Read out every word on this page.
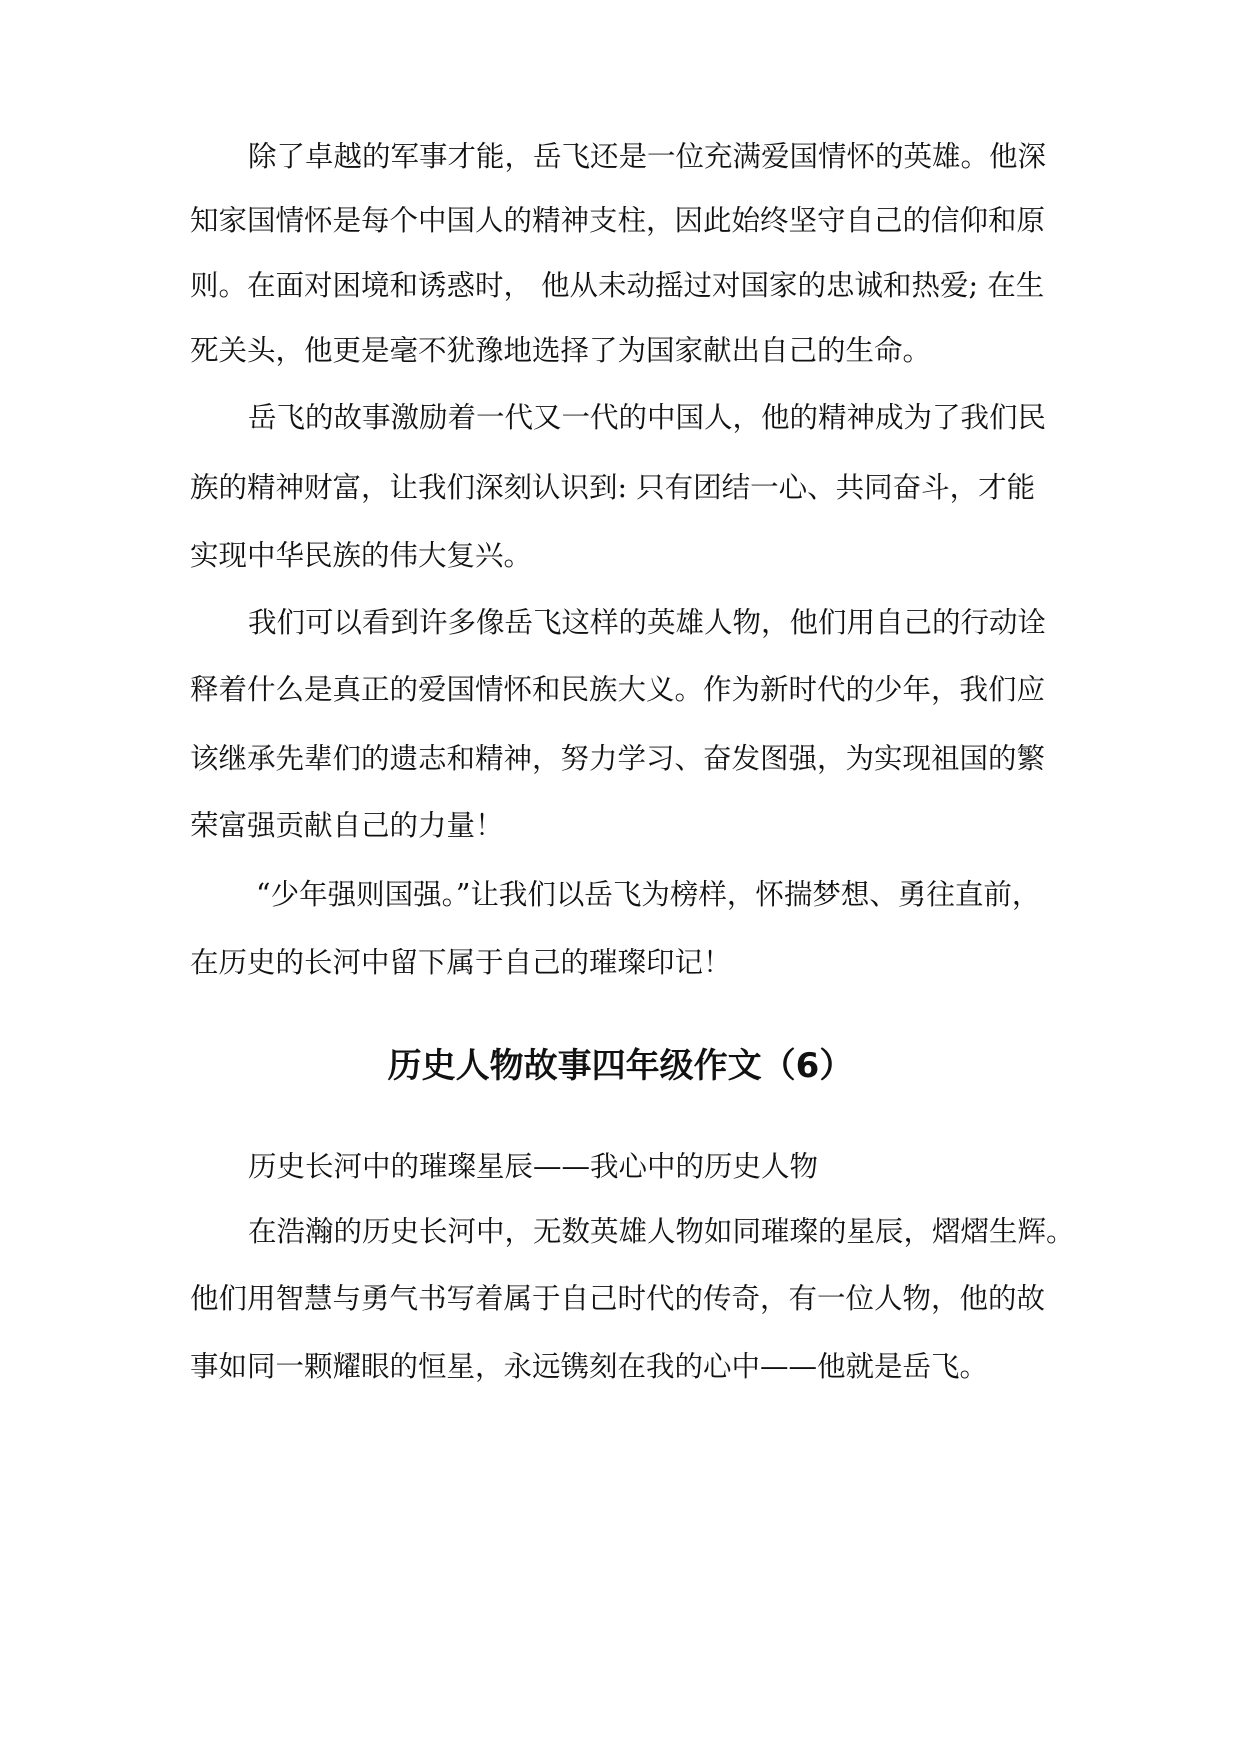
除了卓越的军事才能，岳飞还是一位充满爱国情怀的英雄。他深
知家国情怀是每个中国人的精神支柱，因此始终坚守自己的信仰和原
则。在面对困境和诱惑时， 他从未动摇过对国家的忠诚和热爱; 在生
死关头，他更是毫不犹豫地选择了为国家献出自己的生命。
岳飞的故事激励着一代又一代的中国人，他的精神成为了我们民
族的精神财富，让我们深刻认识到: 只有团结一心、共同奋斗，才能
实现中华民族的伟大复兴。
我们可以看到许多像岳飞这样的英雄人物，他们用自己的行动诠
释着什么是真正的爱国情怀和民族大义。作为新时代的少年，我们应
该继承先辈们的遗志和精神，努力学习、奋发图强，为实现祖国的繁
荣富强贡献自己的力量！
“少年强则国强。”让我们以岳飞为榜样，怀揣梦想、勇往直前，
在历史的长河中留下属于自己的璀璨印记！
历史人物故事四年级作文（6）
历史长河中的璀璨星辰——我心中的历史人物
在浩瀚的历史长河中，无数英雄人物如同璀璨的星辰，熠熠生辉。
他们用智慧与勇气书写着属于自己时代的传奇，有一位人物，他的故
事如同一颗耀眼的恒星，永远镌刻在我的心中——他就是岳飞。
